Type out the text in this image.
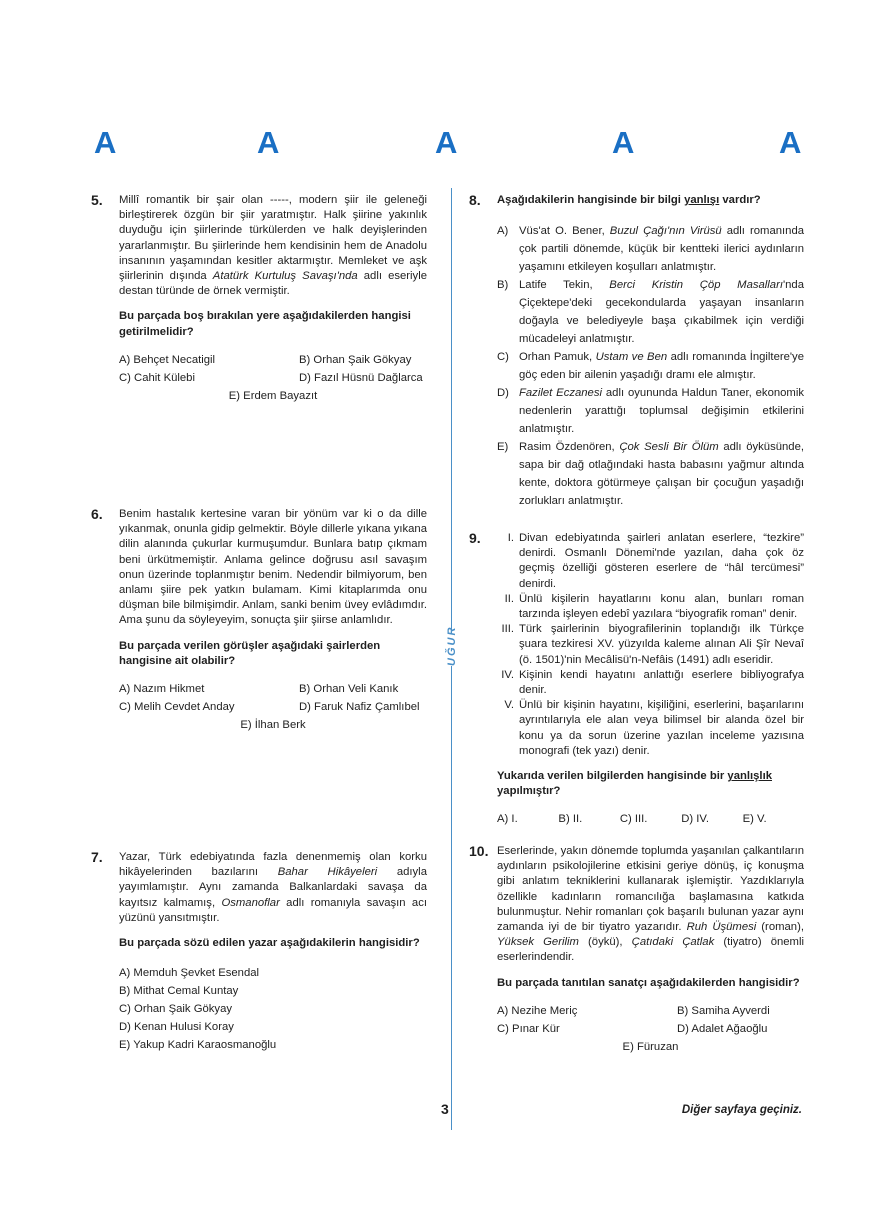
A	A	A	A	A
UĞUR
5. Millî romantik bir şair olan -----, modern şiir ile geleneği birleştirerek özgün bir şiir yaratmıştır. Halk şiirine yakınlık duyduğu için şiirlerinde türkülerden ve halk deyişlerinden yararlanmıştır. Bu şiirlerinde hem kendisinin hem de Anadolu insanının yaşamından kesitler aktarmıştır. Memleket ve aşk şiirlerinin dışında Atatürk Kurtuluş Savaşı'nda adlı eseriyle destan türünde de örnek vermiştir.

Bu parçada boş bırakılan yere aşağıdakilerden hangisi getirilmelidir?

A) Behçet Necatigil	B) Orhan Şaik Gökyay
C) Cahit Külebi	D) Fazıl Hüsnü Dağlarca
E) Erdem Bayazıt
6. Benim hastalık kertesine varan bir yönüm var ki o da dille yıkanmak, onunla gidip gelmektir. Böyle dillerle yıkana yıkana dilin alanında çukurlar kurmuşumdur. Bunlara batıp çıkmam beni ürkütmemiştir. Anlama gelince doğrusu asıl savaşım onun üzerinde toplanmıştır benim. Nedendir bilmiyorum, ben anlamı şiire pek yatkın bulamam. Kimi kitaplarımda onu düşman bile bilmişimdir. Anlam, sanki benim üvey evlâdımdır. Ama şunu da söyleyeyim, sonuçta şiir şiirse anlamlıdır.

Bu parçada verilen görüşler aşağıdaki şairlerden hangisine ait olabilir?

A) Nazım Hikmet	B) Orhan Veli Kanık
C) Melih Cevdet Anday	D) Faruk Nafiz Çamlıbel
E) İlhan Berk
7. Yazar, Türk edebiyatında fazla denenmemiş olan korku hikâyelerinden bazılarını Bahar Hikâyeleri adıyla yayımlamıştır. Aynı zamanda Balkanlardaki savaşa da kayıtsız kalmamış, Osmanoflar adlı romanıyla savaşın acı yüzünü yansıtmıştır.

Bu parçada sözü edilen yazar aşağıdakilerin hangisidir?

A) Memduh Şevket Esendal
B) Mithat Cemal Kuntay
C) Orhan Şaik Gökyay
D) Kenan Hulusi Koray
E) Yakup Kadri Karaosmanoğlu
8. Aşağıdakilerin hangisinde bir bilgi yanlışı vardır?

A) Vüs'at O. Bener, Buzul Çağı'nın Virüsü adlı romanında çok partili dönemde, küçük bir kentteki ilerici aydınların yaşamını etkileyen koşulları anlatmıştır.
B) Latife Tekin, Berci Kristin Çöp Masalları'nda Çiçektepe'deki gecekondularda yaşayan insanların doğayla ve belediyeyle başa çıkabilmek için verdiği mücadeleyi anlatmıştır.
C) Orhan Pamuk, Ustam ve Ben adlı romanında İngiltere'ye göç eden bir ailenin yaşadığı dramı ele almıştır.
D) Fazilet Eczanesi adlı oyununda Haldun Taner, ekonomik nedenlerin yarattığı toplumsal değişimin etkilerini anlatmıştır.
E) Rasim Özdenören, Çok Sesli Bir Ölüm adlı öyküsünde, sapa bir dağ otlağındaki hasta babasını yağmur altında kente, doktora götürmeye çalışan bir çocuğun yaşadığı zorlukları anlatmıştır.
9.	I. Divan edebiyatında şairleri anlatan eserlere, “tezkire” denirdi. Osmanlı Dönemi'nde yazılan, daha çok öz geçmiş özelliği gösteren eserlere de “hâl tercümesi” denirdi.
II. Ünlü kişilerin hayatlarını konu alan, bunları roman tarzında işleyen edebî yazılara “biyografik roman” denir.
III. Türk şairlerinin biyografilerinin toplandığı ilk Türkçe şuara tezkiresi XV. yüzyılda kaleme alınan Ali Şîr Nevaî (ö. 1501)'nin Mecâlisü'n-Nefâis (1491) adlı eseridir.
IV. Kişinin kendi hayatını anlattığı eserlere bibliyografya denir.
V. Ünlü bir kişinin hayatını, kişiliğini, eserlerini, başarılarını ayrıntılarıyla ele alan veya bilimsel bir alanda özel bir konu ya da sorun üzerine yazılan inceleme yazısına monografi (tek yazı) denir.

Yukarıda verilen bilgilerden hangisinde bir yanlışlık yapılmıştır?

A) I.	B) II.	C) III.	D) IV.	E) V.
10. Eserlerinde, yakın dönemde toplumda yaşanılan çalkantıların aydınların psikolojilerine etkisini geriye dönüş, iç konuşma gibi anlatım tekniklerini kullanarak işlemiştir. Yazdıklarıyla özellikle kadınların romancılığa başlamasına katkıda bulunmuştur. Nehir romanları çok başarılı bulunan yazar aynı zamanda iyi de bir tiyatro yazarıdır. Ruh Üşümesi (roman), Yüksek Gerilim (öykü), Çatıdaki Çatlak (tiyatro) önemli eserlerindendir.

Bu parçada tanıtılan sanatçı aşağıdakilerden hangisidir?

A) Nezihe Meriç	B) Samiha Ayverdi
C) Pınar Kür	D) Adalet Ağaoğlu
E) Füruzan
3	Diğer sayfaya geçiniz.
